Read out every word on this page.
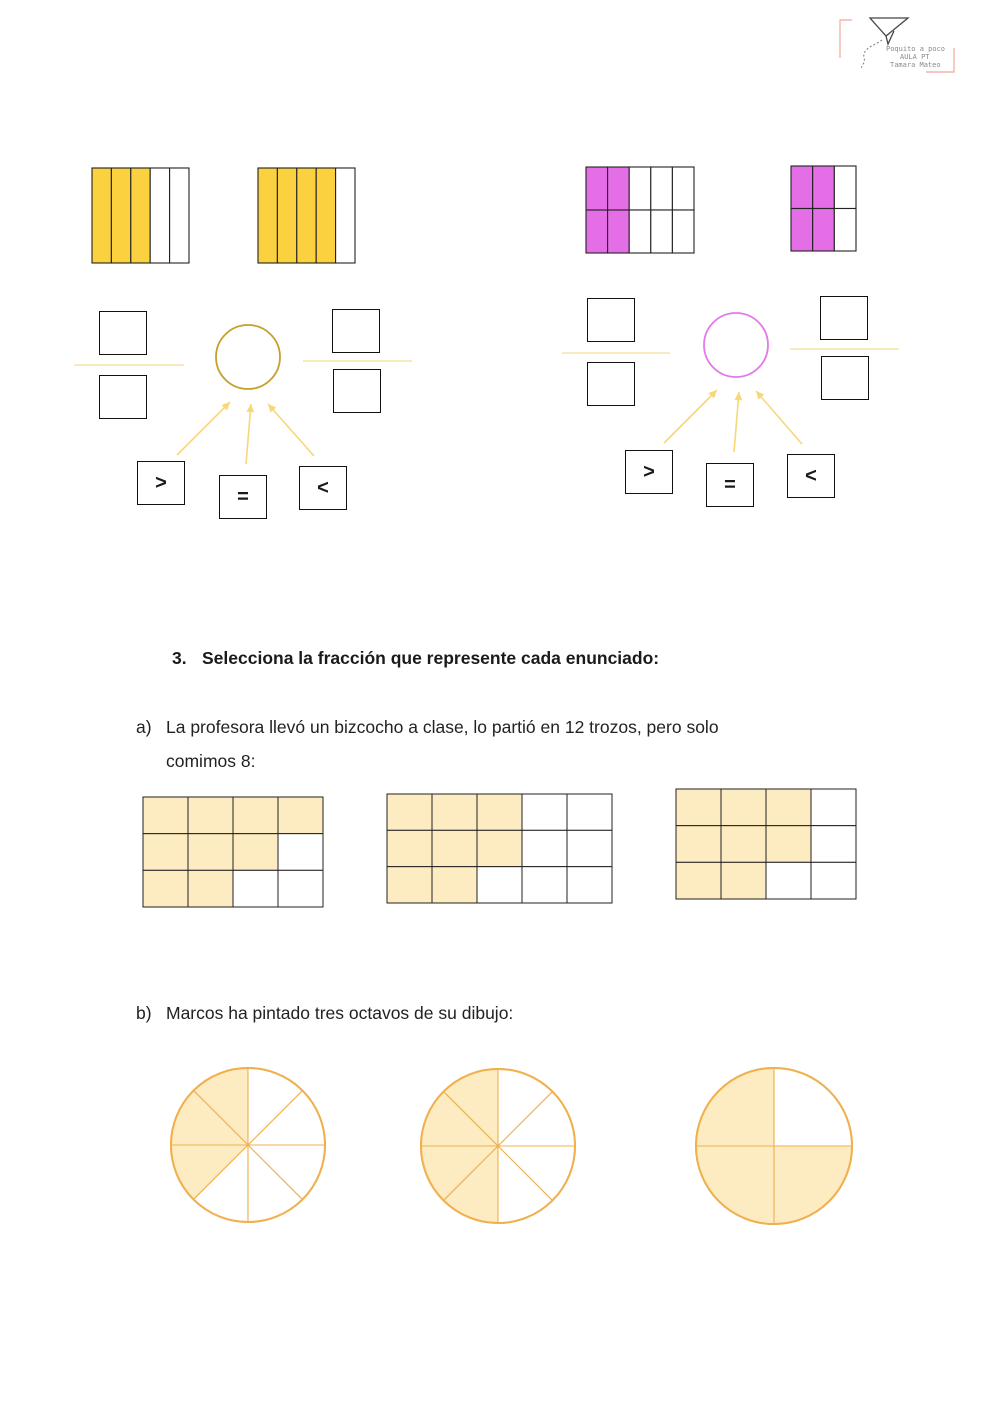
Poquito a poco
AULA PT
Tamara Mateo
>
=	<
>
=	<
3. Selecciona la fracción que represente cada enunciado:
a) La profesora llevó un bizcocho a clase, lo partió en 12 trozos, pero solo
comimos 8:
b) Marcos ha pintado tres octavos de su dibujo:
